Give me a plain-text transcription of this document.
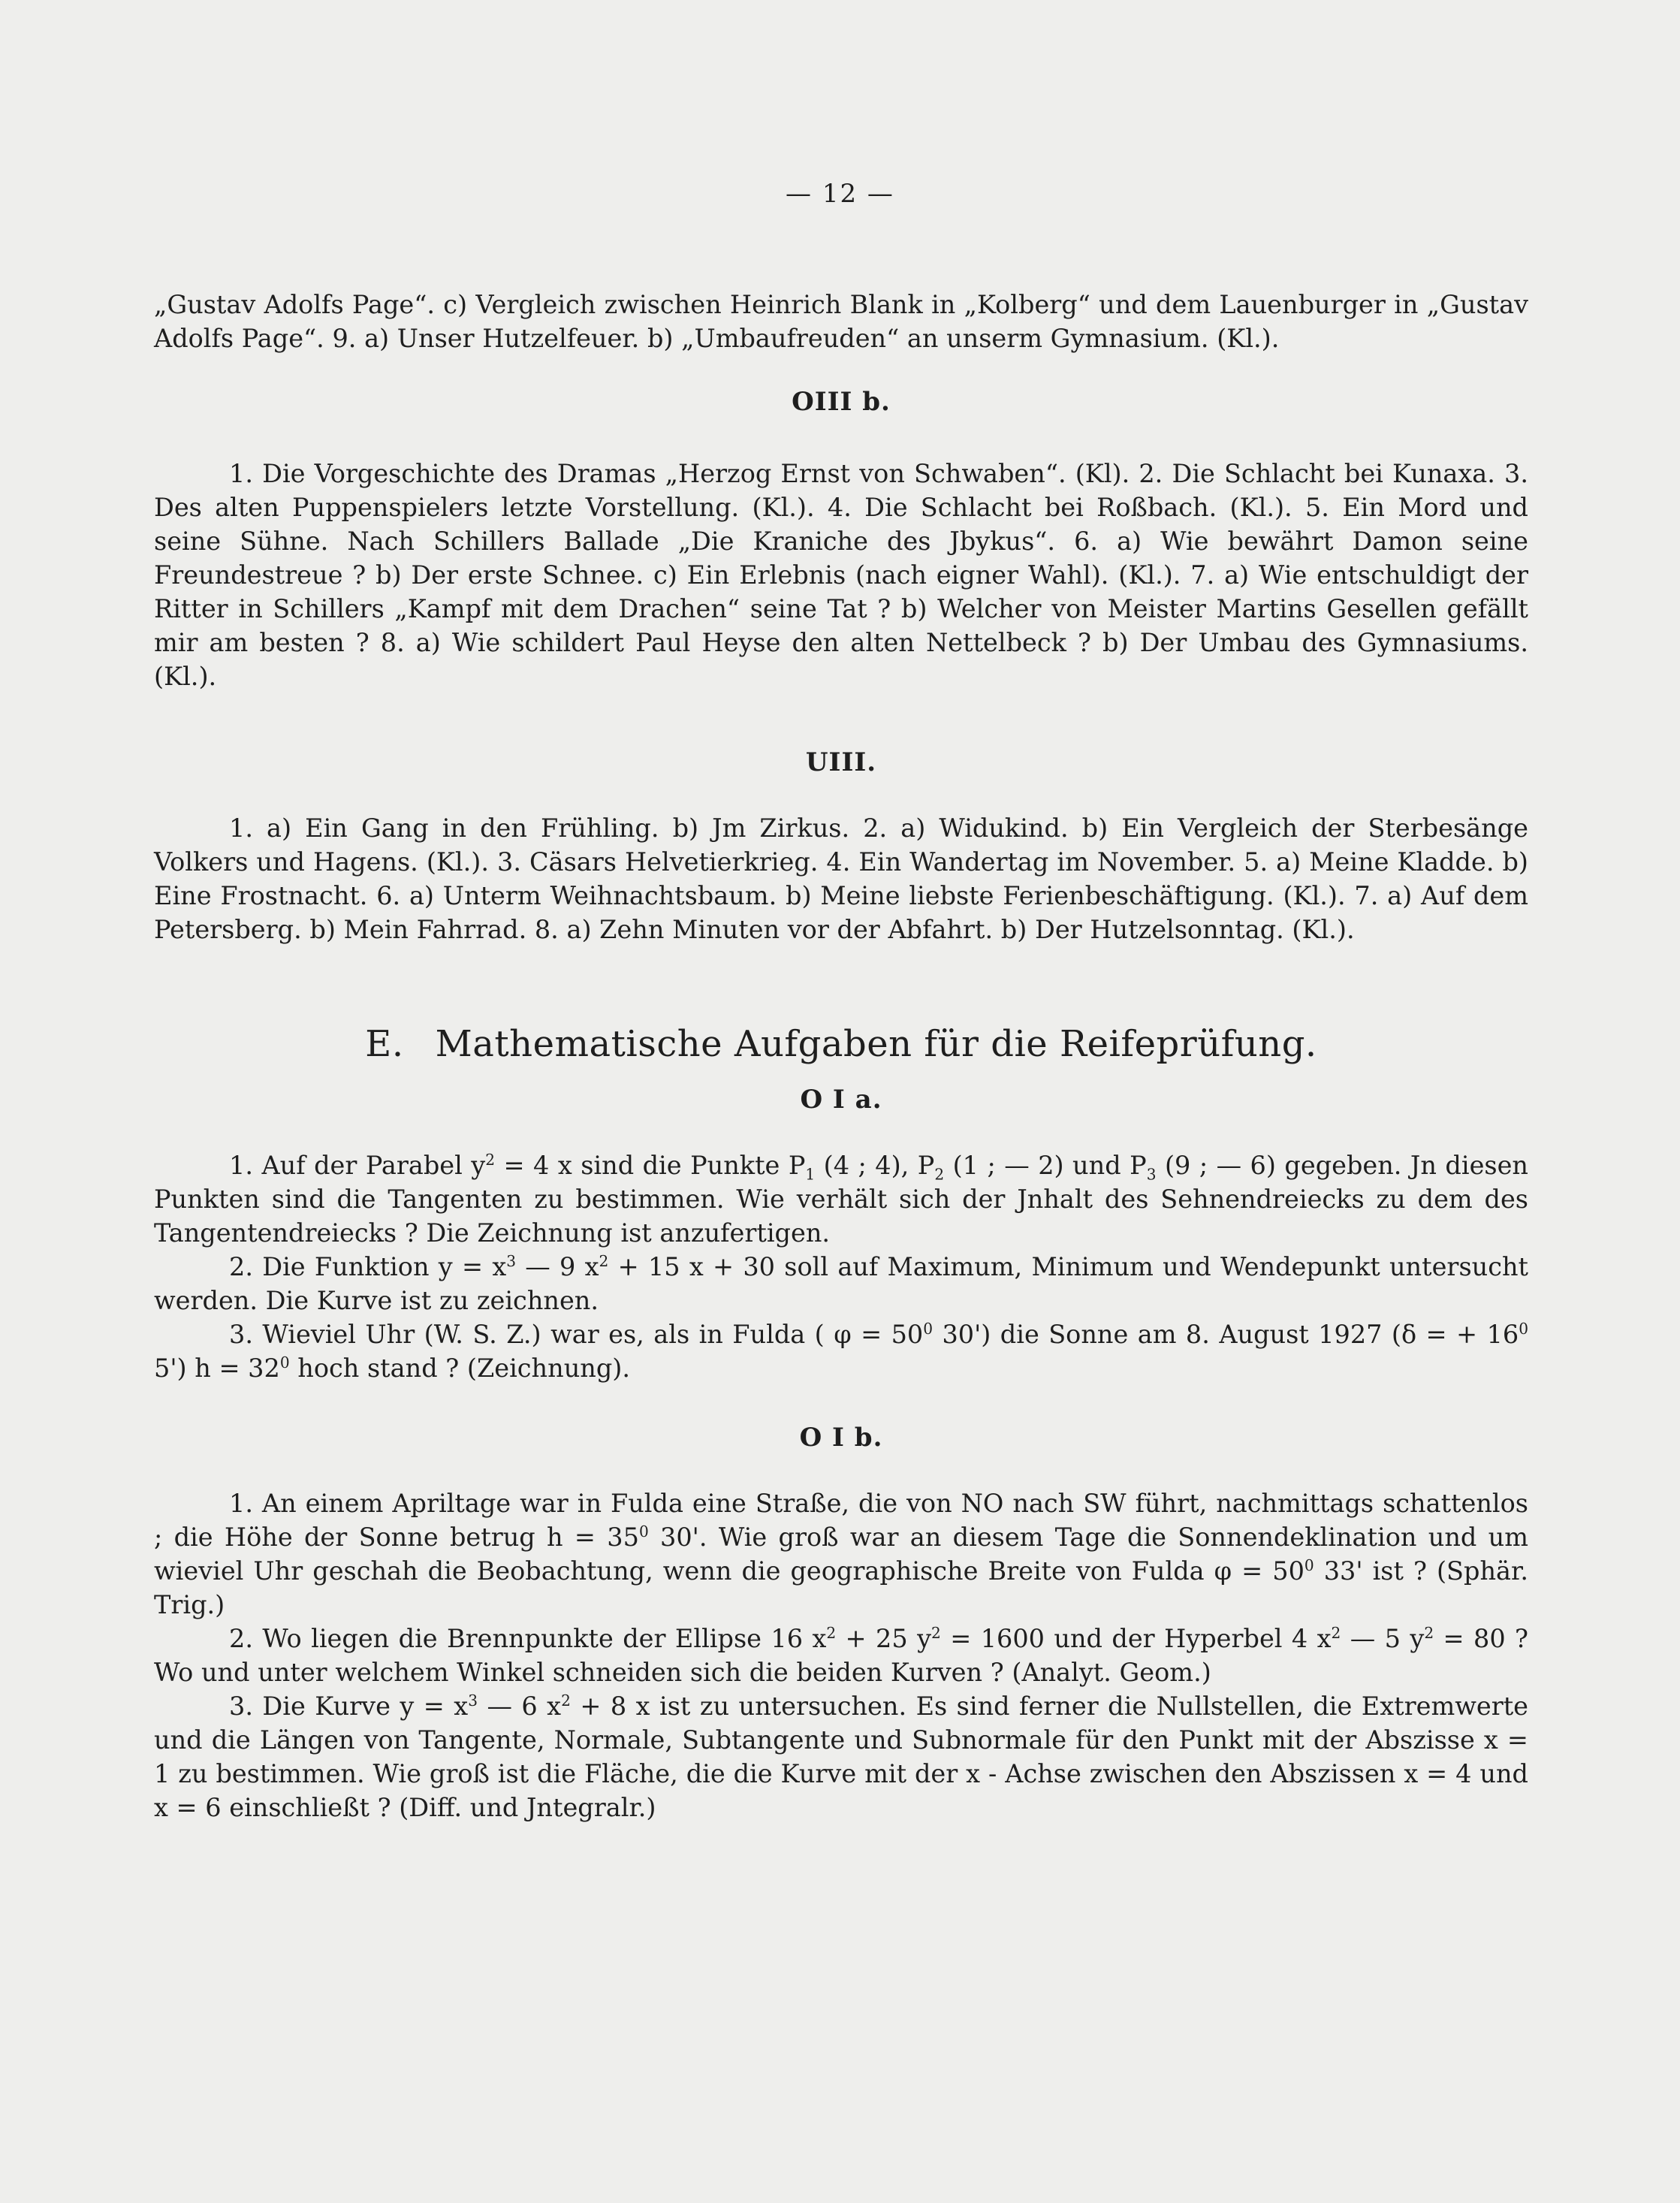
— 12 —

„Gustav Adolfs Page“. c) Vergleich zwischen Heinrich Blank in „Kolberg“ und dem Lauenburger in „Gustav Adolfs Page“. 9. a) Unser Hutzelfeuer. b) „Umbaufreuden“ an unserm Gymnasium. (Kl.).

OIII b.

1. Die Vorgeschichte des Dramas „Herzog Ernst von Schwaben“. (Kl). 2. Die Schlacht bei Kunaxa. 3. Des alten Puppenspielers letzte Vorstellung. (Kl.). 4. Die Schlacht bei Roßbach. (Kl.). 5. Ein Mord und seine Sühne. Nach Schillers Ballade „Die Kraniche des Jbykus“. 6. a) Wie bewährt Damon seine Freundestreue ? b) Der erste Schnee. c) Ein Erlebnis (nach eigner Wahl). (Kl.). 7. a) Wie entschuldigt der Ritter in Schillers „Kampf mit dem Drachen“ seine Tat ? b) Welcher von Meister Martins Gesellen gefällt mir am besten ? 8. a) Wie schildert Paul Heyse den alten Nettelbeck ? b) Der Umbau des Gymnasiums. (Kl.).

UIII.

1. a) Ein Gang in den Frühling. b) Jm Zirkus. 2. a) Widukind. b) Ein Vergleich der Sterbesänge Volkers und Hagens. (Kl.). 3. Cäsars Helvetierkrieg. 4. Ein Wandertag im November. 5. a) Meine Kladde. b) Eine Frostnacht. 6. a) Unterm Weihnachtsbaum. b) Meine liebste Ferienbeschäftigung. (Kl.). 7. a) Auf dem Petersberg. b) Mein Fahrrad. 8. a) Zehn Minuten vor der Abfahrt. b) Der Hutzelsonntag. (Kl.).

E. Mathematische Aufgaben für die Reifeprüfung.
O I a.

1. Auf der Parabel $y^2 = 4$ x sind die Punkte $P_1$ (4 ; 4), $P_2$ (1 ; — 2) und $P_3$ (9 ; — 6) gegeben. Jn diesen Punkten sind die Tangenten zu bestimmen. Wie verhält sich der Jnhalt des Sehnendreiecks zu dem des Tangentendreiecks ? Die Zeichnung ist anzufertigen.

2. Die Funktion $y = x^3$ — 9 $x^2 + 15$ x + 30 soll auf Maximum, Minimum und Wendepunkt untersucht werden. Die Kurve ist zu zeichnen.

3. Wieviel Uhr (W. S. Z.) war es, als in Fulda ( $\varphi = 50^0$ 30') die Sonne am 8. August 1927 (δ = + $16^0$ 5') $h = 32^0$ hoch stand ? (Zeichnung).

O I b.

1. An einem Apriltage war in Fulda eine Straße, die von NO nach SW führt, nachmittags schattenlos ; die Höhe der Sonne betrug $h = 35^0$ 30'. Wie groß war an diesem Tage die Sonnendeklination und um wieviel Uhr geschah die Beobachtung, wenn die geographische Breite von Fulda $\varphi = 50^0$ 33' ist ? (Sphär. Trig.)

2. Wo liegen die Brennpunkte der Ellipse 16 $x^2 + 25$ $y^2 = 1600$ und der Hyperbel 4 $x^2$ — 5 $y^2 = 80$ ? Wo und unter welchem Winkel schneiden sich die beiden Kurven ? (Analyt. Geom.)

3. Die Kurve $y = x^3$ — 6 $x^2 + 8$ x ist zu untersuchen. Es sind ferner die Nullstellen, die Extremwerte und die Längen von Tangente, Normale, Subtangente und Subnormale für den Punkt mit der Abszisse x = 1 zu bestimmen. Wie groß ist die Fläche, die die Kurve mit der x - Achse zwischen den Abszissen x = 4 und x = 6 einschließt ? (Diff. und Jntegralr.)
